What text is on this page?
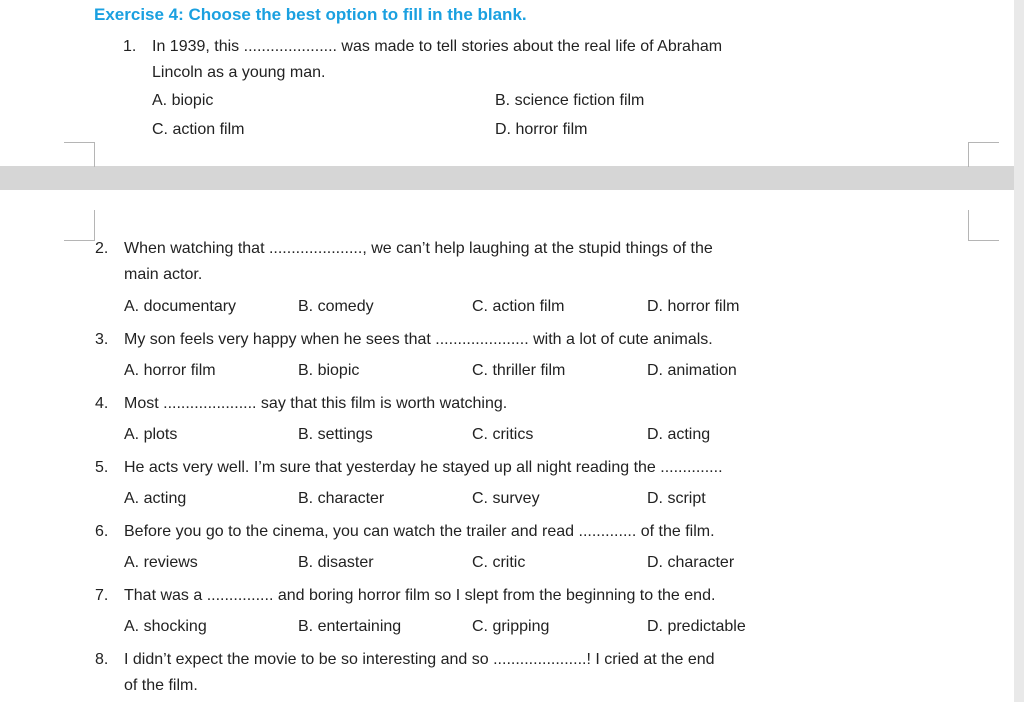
Exercise 4: Choose the best option to fill in the blank.
1. In 1939, this ..................... was made to tell stories about the real life of Abraham
Lincoln as a young man.
A. biopic	B. science fiction film
C. action film	D. horror film
2. When watching that ....................., we can’t help laughing at the stupid things of the
main actor.
A. documentary	B. comedy	C. action film	D. horror film
3. My son feels very happy when he sees that ..................... with a lot of cute animals.
A. horror film	B. biopic	C. thriller film	D. animation
4. Most ..................... say that this film is worth watching.
A. plots	B. settings	C. critics	D. acting
5. He acts very well. I’m sure that yesterday he stayed up all night reading the ..............
A. acting	B. character	C. survey	D. script
6. Before you go to the cinema, you can watch the trailer and read ............. of the film.
A. reviews	B. disaster	C. critic	D. character
7. That was a ............... and boring horror film so I slept from the beginning to the end.
A. shocking	B. entertaining	C. gripping	D. predictable
8. I didn’t expect the movie to be so interesting and so .....................! I cried at the end
of the film.
